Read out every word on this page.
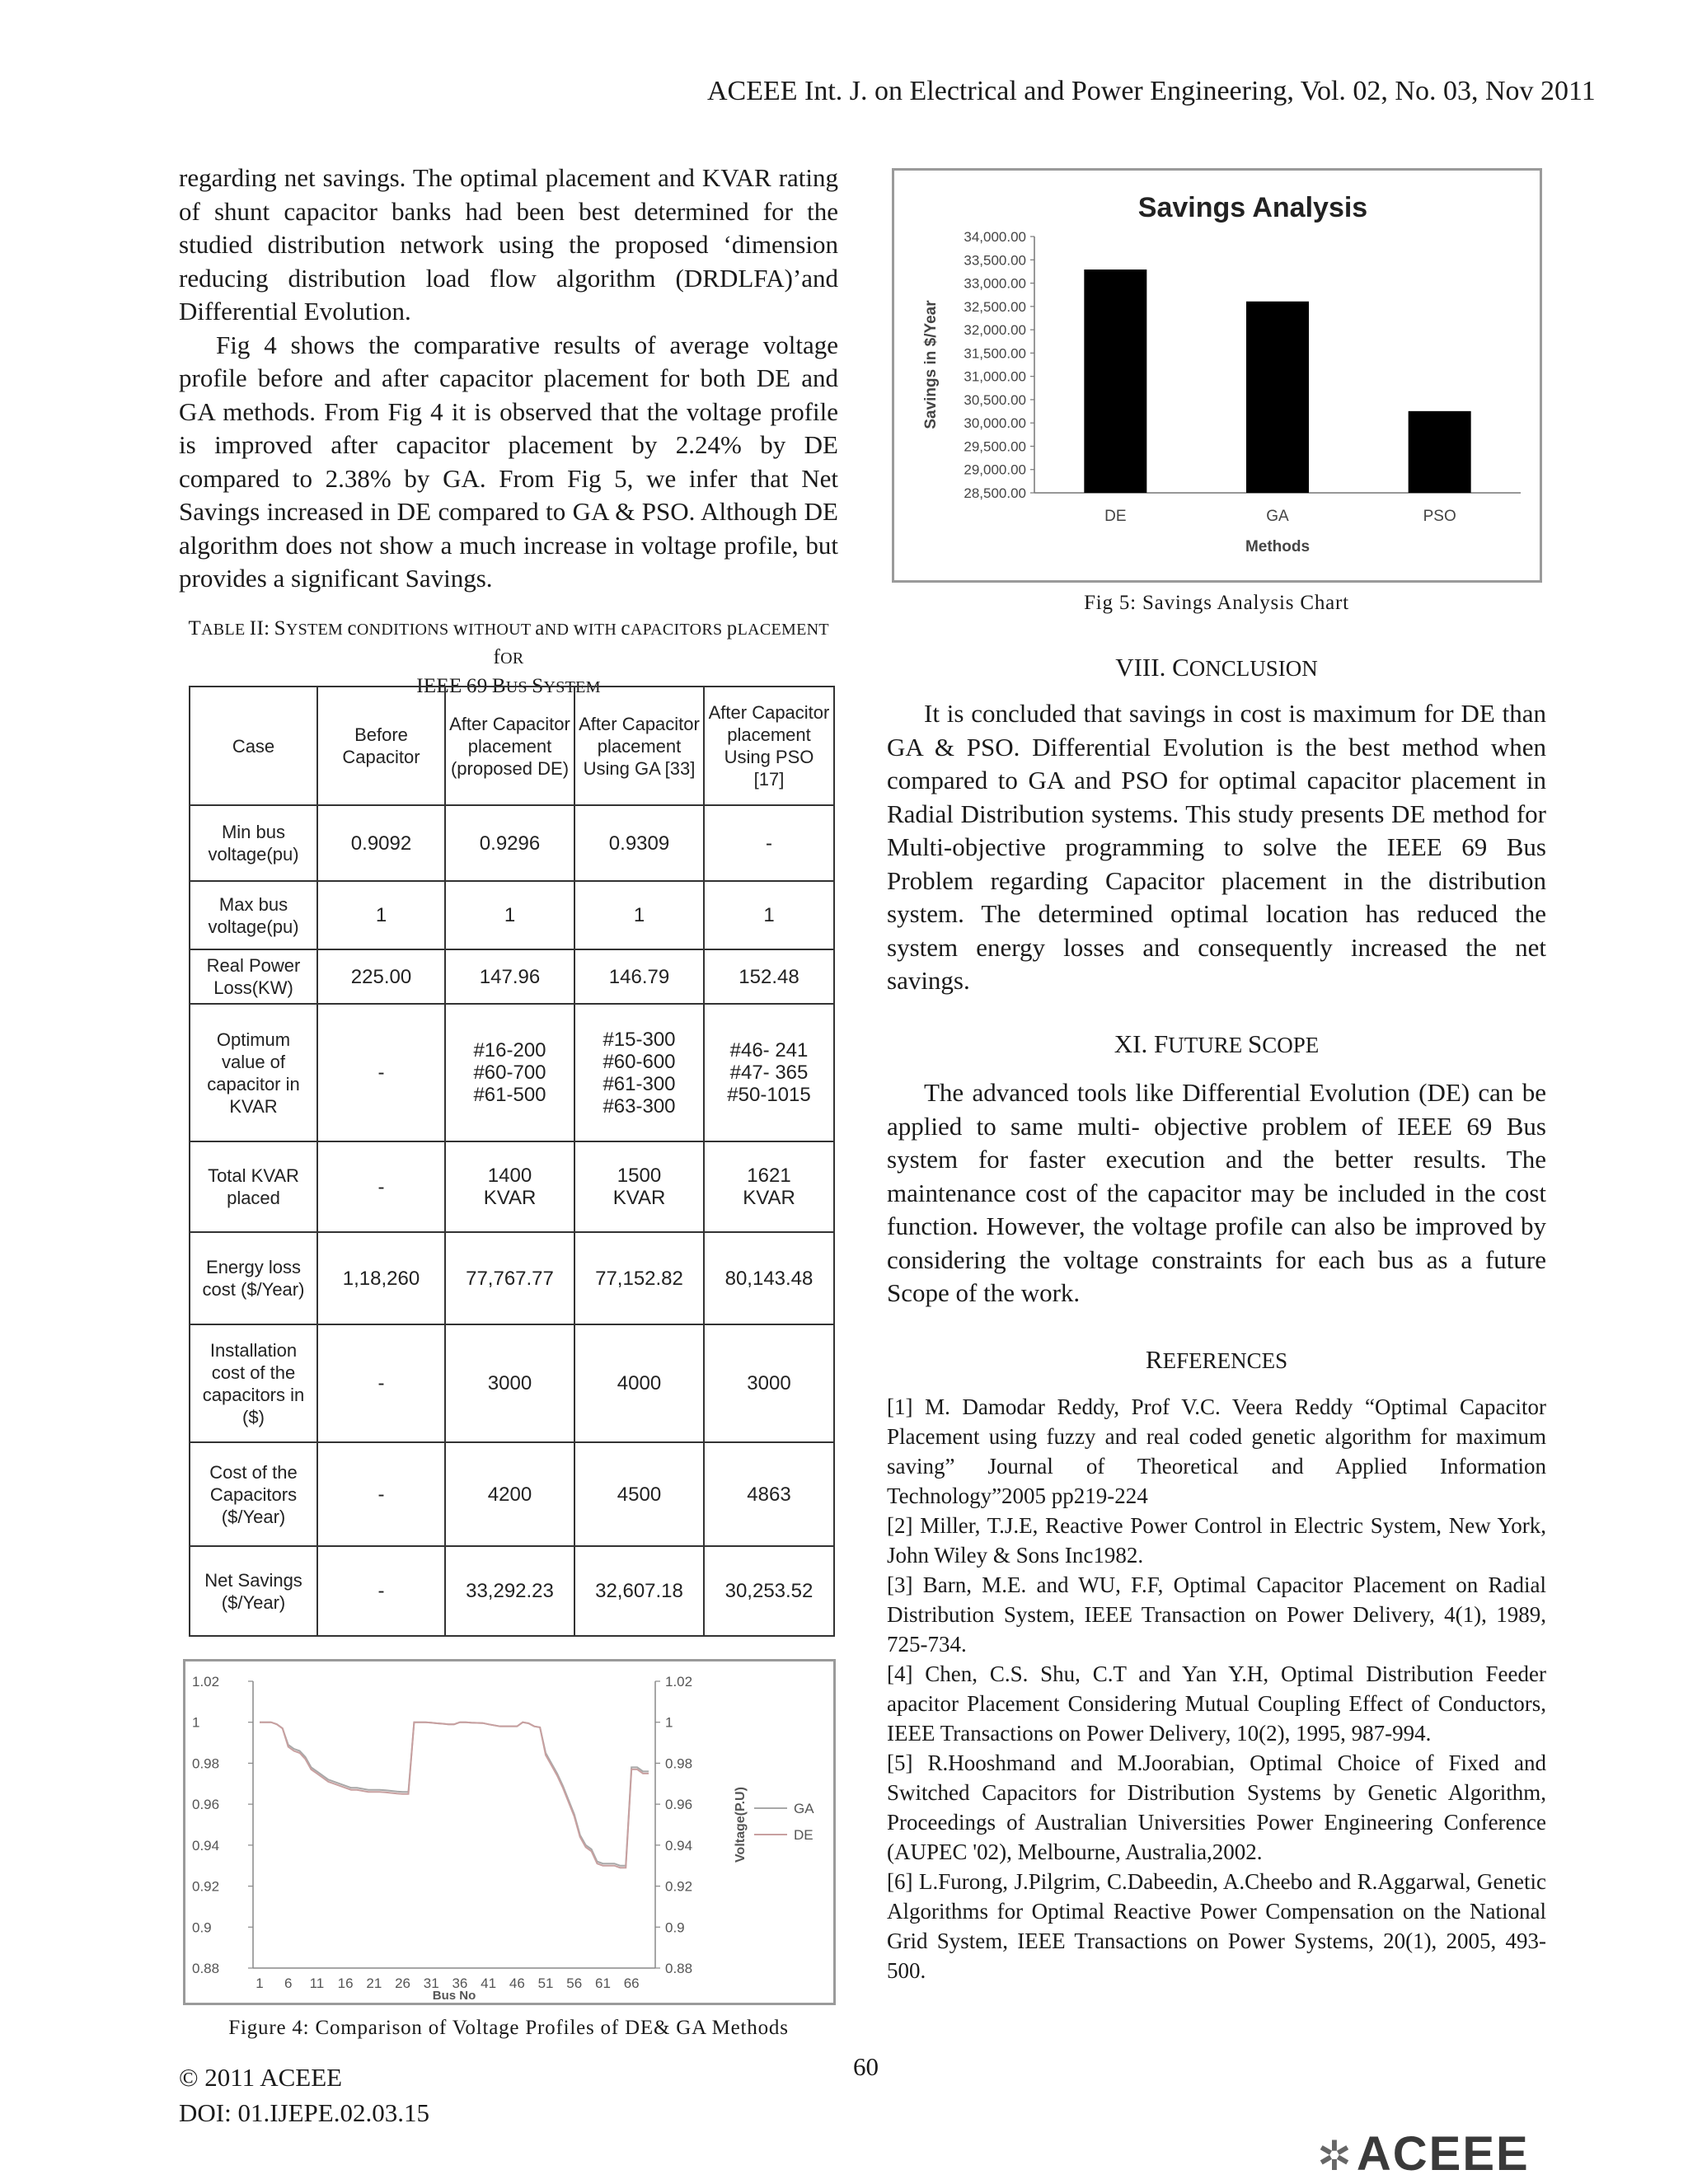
ACEEE Int. J. on Electrical and Power Engineering, Vol. 02, No. 03, Nov 2011

regarding net savings. The optimal placement and KVAR rating of shunt capacitor banks had been best determined for the studied distribution network using the proposed ‘dimension reducing distribution load flow algorithm (DRDLFA)’and Differential Evolution.

Fig 4 shows the comparative results of average voltage profile before and after capacitor placement for both DE and GA methods. From Fig 4 it is observed that the voltage profile is improved after capacitor placement by 2.24% by DE compared to 2.38% by GA. From Fig 5, we infer that Net Savings increased in DE compared to GA & PSO. Although DE algorithm does not show a much increase in voltage profile, but provides a significant Savings.

TABLE II: SYSTEM cONDITIONS wITHOUT aND wITH cAPACITORS pLACEMENT fOR
IEEE 69 BUS SYSTEM
Case	Before Capacitor	After Capacitor placement (proposed DE)	After Capacitor placement Using GA [33]	After Capacitor placement Using PSO [17]
Min bus voltage(pu)	0.9092	0.9296	0.9309	-
Max bus voltage(pu)	1	1	1	1
Real Power Loss(KW)	225.00	147.96	146.79	152.48
Optimum value of capacitor in KVAR	-	#16-200
#60-700
#61-500	#15-300
#60-600
#61-300
#63-300	#46- 241
#47- 365
#50-1015
Total KVAR placed	-	1400
KVAR	1500
KVAR	1621
KVAR
Energy loss cost ($/Year)	1,18,260	77,767.77	77,152.82	80,143.48
Installation cost of the capacitors in ($)	-	3000	4000	3000
Cost of the Capacitors ($/Year)	-	4200	4500	4863
Net Savings ($/Year)	-	33,292.23	32,607.18	30,253.52
0.88	0.88
0.9	0.9
0.92	0.92
0.94	0.94
0.96	0.96
0.98	0.98
1	1
1.02	1.02
1 6 11 16 21 26 31 36 41 46 51 56 61 66
Bus No
Voltage(P.U)	GA
DE
Figure 4: Comparison of Voltage Profiles of DE& GA Methods
Savings Analysis
28,500.00
29,000.00
29,500.00
30,000.00
30,500.00
31,000.00
31,500.00
32,000.00
32,500.00
33,000.00
33,500.00
34,000.00
DE	GA	PSO
Methods
Savings in $/Year
Fig 5: Savings Analysis Chart
VIII. CONCLUSION

It is concluded that savings in cost is maximum for DE than GA & PSO. Differential Evolution is the best method when compared to GA and PSO for optimal capacitor placement in Radial Distribution systems. This study presents DE method for Multi-objective programming to solve the IEEE 69 Bus Problem regarding Capacitor placement in the distribution system. The determined optimal location has reduced the system energy losses and consequently increased the net savings.

XI. FUTURE SCOPE

The advanced tools like Differential Evolution (DE) can be applied to same multi- objective problem of IEEE 69 Bus system for faster execution and the better results. The maintenance cost of the capacitor may be included in the cost function. However, the voltage profile can also be improved by considering the voltage constraints for each bus as a future Scope of the work.

REFERENCES

[1] M. Damodar Reddy, Prof V.C. Veera Reddy “Optimal Capacitor Placement using fuzzy and real coded genetic algorithm for maximum saving” Journal of Theoretical and Applied Information Technology”2005 pp219-224

[2] Miller, T.J.E, Reactive Power Control in Electric System, New York, John Wiley & Sons Inc1982.

[3] Barn, M.E. and WU, F.F, Optimal Capacitor Placement on Radial Distribution System, IEEE Transaction on Power Delivery, 4(1), 1989, 725-734.

[4] Chen, C.S. Shu, C.T and Yan Y.H, Optimal Distribution Feeder apacitor Placement Considering Mutual Coupling Effect of Conductors, IEEE Transactions on Power Delivery, 10(2), 1995, 987-994.

[5] R.Hooshmand and M.Joorabian, Optimal Choice of Fixed and Switched Capacitors for Distribution Systems by Genetic Algorithm, Proceedings of Australian Universities Power Engineering Conference (AUPEC '02), Melbourne, Australia,2002.

[6] L.Furong, J.Pilgrim, C.Dabeedin, A.Cheebo and R.Aggarwal, Genetic Algorithms for Optimal Reactive Power Compensation on the National Grid System, IEEE Transactions on Power Systems, 20(1), 2005, 493-500.

© 2011 ACEEE
DOI: 01.IJEPE.02.03.15
60
✲ACEEE
